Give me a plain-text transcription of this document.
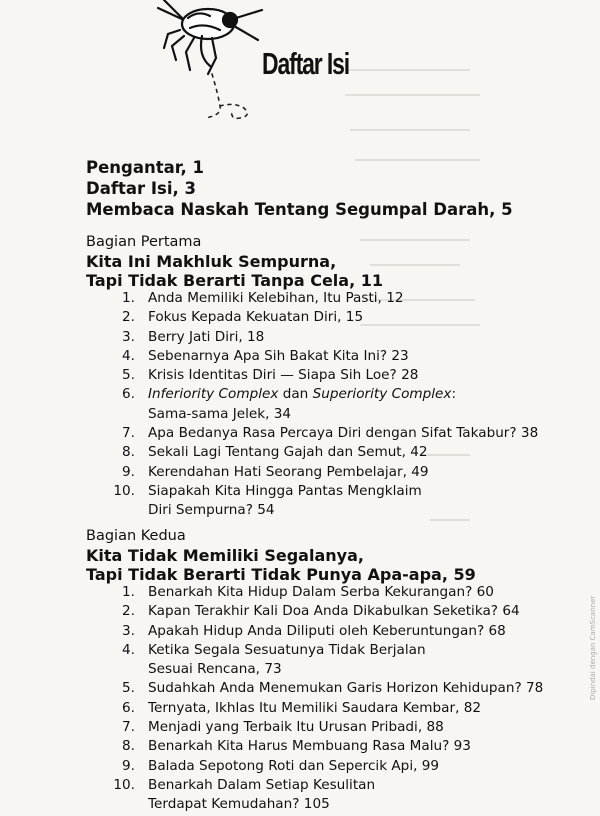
Daftar Isi
Pengantar, 1
Daftar Isi, 3
Membaca Naskah Tentang Segumpal Darah, 5
Bagian Pertama
Kita Ini Makhluk Sempurna,
Tapi Tidak Berarti Tanpa Cela, 11
1. Anda Memiliki Kelebihan, Itu Pasti, 12
2. Fokus Kepada Kekuatan Diri, 15
3. Berry Jati Diri, 18
4. Sebenarnya Apa Sih Bakat Kita Ini? 23
5. Krisis Identitas Diri — Siapa Sih Loe? 28
6. Inferiority Complex dan Superiority Complex:
Sama-sama Jelek, 34
7. Apa Bedanya Rasa Percaya Diri dengan Sifat Takabur? 38
8. Sekali Lagi Tentang Gajah dan Semut, 42
9. Kerendahan Hati Seorang Pembelajar, 49
10. Siapakah Kita Hingga Pantas Mengklaim
Diri Sempurna? 54
Bagian Kedua
Kita Tidak Memiliki Segalanya,
Tapi Tidak Berarti Tidak Punya Apa-apa, 59
1. Benarkah Kita Hidup Dalam Serba Kekurangan? 60
2. Kapan Terakhir Kali Doa Anda Dikabulkan Seketika? 64
3. Apakah Hidup Anda Diliputi oleh Keberuntungan? 68
4. Ketika Segala Sesuatunya Tidak Berjalan
Sesuai Rencana, 73
5. Sudahkah Anda Menemukan Garis Horizon Kehidupan? 78
6. Ternyata, Ikhlas Itu Memiliki Saudara Kembar, 82
7. Menjadi yang Terbaik Itu Urusan Pribadi, 88
8. Benarkah Kita Harus Membuang Rasa Malu? 93
9. Balada Sepotong Roti dan Sepercik Api, 99
10. Benarkah Dalam Setiap Kesulitan
Terdapat Kemudahan? 105
Dipindai dengan CamScanner
